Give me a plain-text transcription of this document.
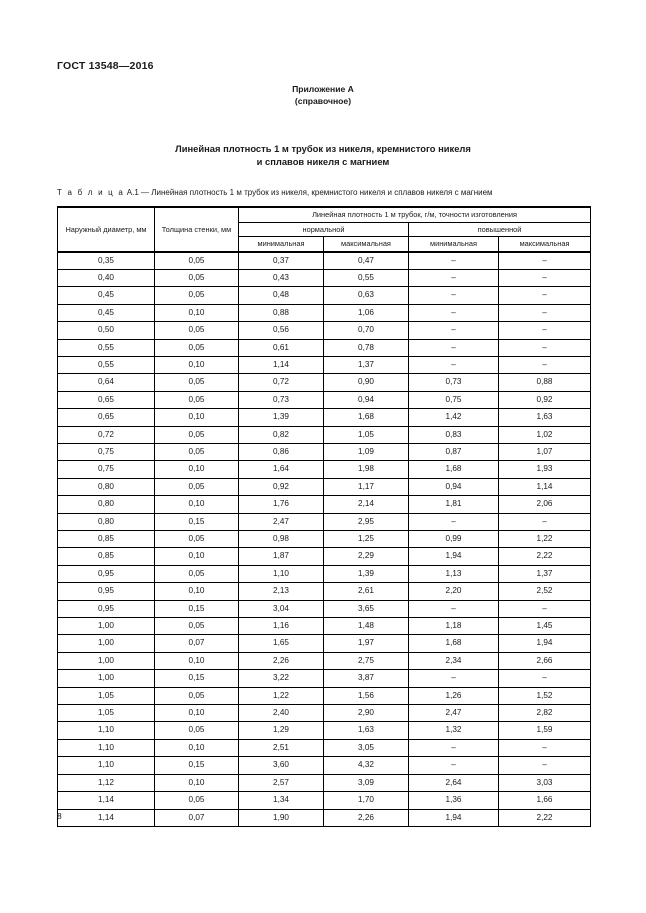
ГОСТ 13548—2016
Приложение А
(справочное)
Линейная плотность 1 м трубок из никеля, кремнистого никеля
и сплавов никеля с магнием
Т а б л и ц а А.1 — Линейная плотность 1 м трубок из никеля, кремнистого никеля и сплавов никеля с магнием
Наружный диаметр, мм	Толщина стенки, мм	Линейная плотность 1 м трубок, г/м, точности изготовления			
		нормальной		повышенной	
		минимальная	максимальная	минимальная	максимальная
0,35	0,05	0,37	0,47	–	–
0,40	0,05	0,43	0,55	–	–
0,45	0,05	0,48	0,63	–	–
0,45	0,10	0,88	1,06	–	–
0,50	0,05	0,56	0,70	–	–
0,55	0,05	0,61	0,78	–	–
0,55	0,10	1,14	1,37	–	–
0,64	0,05	0,72	0,90	0,73	0,88
0,65	0,05	0,73	0,94	0,75	0,92
0,65	0,10	1,39	1,68	1,42	1,63
0,72	0,05	0,82	1,05	0,83	1,02
0,75	0,05	0,86	1,09	0,87	1,07
0,75	0,10	1,64	1,98	1,68	1,93
0,80	0,05	0,92	1,17	0,94	1,14
0,80	0,10	1,76	2,14	1,81	2,06
0,80	0,15	2,47	2,95	–	–
0,85	0,05	0,98	1,25	0,99	1,22
0,85	0,10	1,87	2,29	1,94	2,22
0,95	0,05	1,10	1,39	1,13	1,37
0,95	0,10	2,13	2,61	2,20	2,52
0,95	0,15	3,04	3,65	–	–
1,00	0,05	1,16	1,48	1,18	1,45
1,00	0,07	1,65	1,97	1,68	1,94
1,00	0,10	2,26	2,75	2,34	2,66
1,00	0,15	3,22	3,87	–	–
1,05	0,05	1,22	1,56	1,26	1,52
1,05	0,10	2,40	2,90	2,47	2,82
1,10	0,05	1,29	1,63	1,32	1,59
1,10	0,10	2,51	3,05	–	–
1,10	0,15	3,60	4,32	–	–
1,12	0,10	2,57	3,09	2,64	3,03
1,14	0,05	1,34	1,70	1,36	1,66
1,14	0,07	1,90	2,26	1,94	2,22
8
